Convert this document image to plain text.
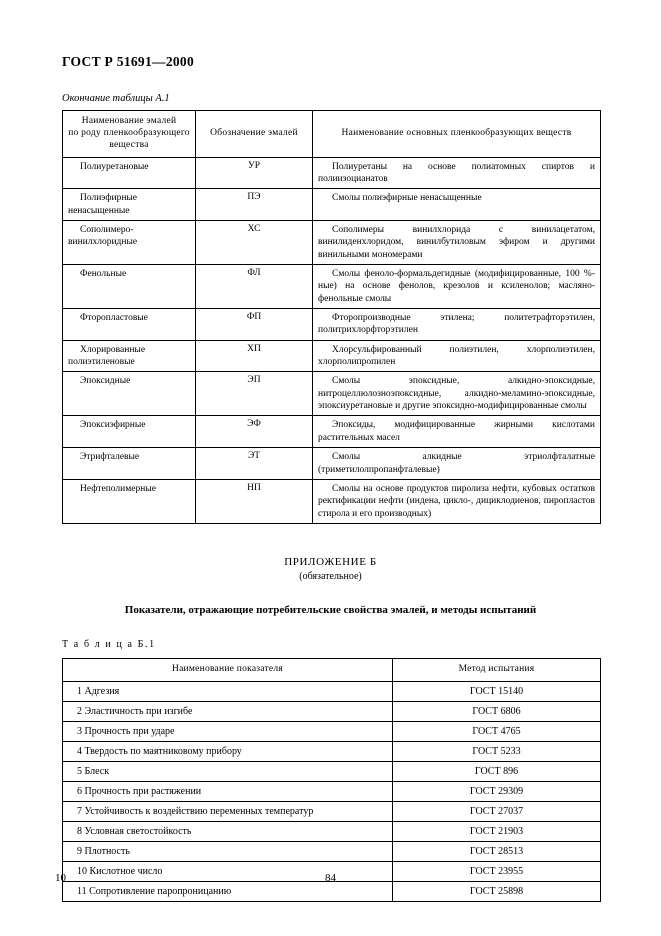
ГОСТ Р 51691—2000
Окончание таблицы А.1
Наименование эмалей
по роду пленкообразующего
вещества	Обозначение эмалей	Наименование основных пленкообразующих веществ
Полиуретановые	УР	Полиуретаны на основе полиатомных спиртов и полиизоцианатов
Полиэфирные ненасыщенные	ПЭ	Смолы полиэфирные ненасыщенные
Сополимеро-винилхлоридные	ХС	Сополимеры винилхлорида с винилацетатом, винилиденхлоридом, винилбутиловым эфиром и другими винильными мономерами
Фенольные	ФЛ	Смолы феноло-формальдегидные (модифицированные, 100 %-ные) на основе фенолов, крезолов и ксиленолов; масляно-фенольные смолы
Фторопластовые	ФП	Фторопроизводные этилена; политетрафторэтилен, политрихлорфторэтилен
Хлорированные полиэтиленовые	ХП	Хлорсульфированный полиэтилен, хлорполиэтилен, хлорполипропилен
Эпоксидные	ЭП	Смолы эпоксидные, алкидно-эпоксидные, нитроцеллюлозноэпоксидные, алкидно-меламино-эпоксидные, эпоксиуретановые и другие эпоксидно-модифицированные смолы
Эпоксиэфирные	ЭФ	Эпоксиды, модифицированные жирными кислотами растительных масел
Этрифталевые	ЭТ	Смолы алкидные этриолфталатные (триметилолпропанфталевые)
Нефтеполимерные	НП	Смолы на основе продуктов пиролиза нефти, кубовых остатков ректификации нефти (индена, цикло-, дициклодиенов, пиропластов стирола и его производных)
ПРИЛОЖЕНИЕ Б
(обязательное)
Показатели, отражающие потребительские свойства эмалей, и методы испытаний
Т а б л и ц а Б.1
Наименование показателя	Метод испытания
1 Адгезия	ГОСТ 15140
2 Эластичность при изгибе	ГОСТ 6806
3 Прочность при ударе	ГОСТ 4765
4 Твердость по маятниковому прибору	ГОСТ 5233
5 Блеск	ГОСТ 896
6 Прочность при растяжении	ГОСТ 29309
7 Устойчивость к воздействию переменных температур	ГОСТ 27037
8 Условная светостойкость	ГОСТ 21903
9 Плотность	ГОСТ 28513
10 Кислотное число	ГОСТ 23955
11 Сопротивление паропроницанию	ГОСТ 25898
10	84
